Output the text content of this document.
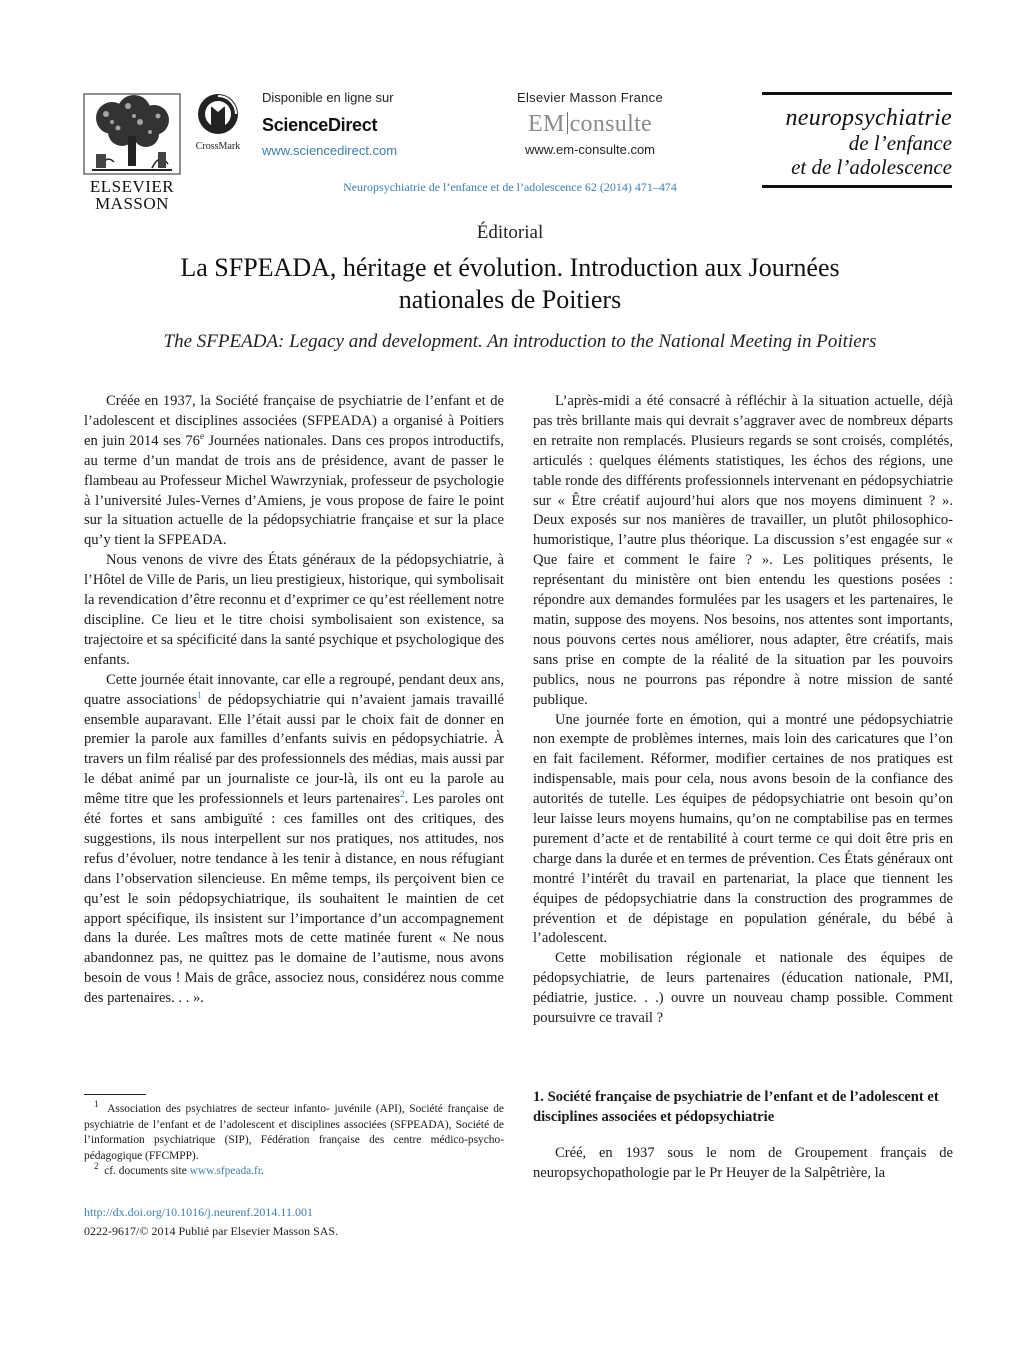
ELSEVIER
MASSON
CrossMark
Disponible en ligne sur
ScienceDirect
www.sciencedirect.com
Elsevier Masson France
EM consulte
www.em-consulte.com
neuropsychiatrie
de l’enfance
et de l’adolescence
Neuropsychiatrie de l’enfance et de l’adolescence 62 (2014) 471–474
Éditorial
La SFPEADA, héritage et évolution. Introduction aux Journées
nationales de Poitiers
The SFPEADA: Legacy and development. An introduction to the National Meeting in Poitiers

Créée en 1937, la Société française de psychiatrie de l’enfant et de l’adolescent et disciplines associées (SFPEADA) a organisé à Poitiers en juin 2014 ses 76e Journées nationales. Dans ces propos introductifs, au terme d’un mandat de trois ans de présidence, avant de passer le flambeau au Professeur Michel Wawrzyniak, professeur de psychologie à l’université Jules-Vernes d’Amiens, je vous propose de faire le point sur la situation actuelle de la pédopsychiatrie française et sur la place qu’y tient la SFPEADA.

Nous venons de vivre des États généraux de la pédopsychiatrie, à l’Hôtel de Ville de Paris, un lieu prestigieux, historique, qui symbolisait la revendication d’être reconnu et d’exprimer ce qu’est réellement notre discipline. Ce lieu et le titre choisi symbolisaient son existence, sa trajectoire et sa spécificité dans la santé psychique et psychologique des enfants.

Cette journée était innovante, car elle a regroupé, pendant deux ans, quatre associations$^1$ de pédopsychiatrie qui n’avaient jamais travaillé ensemble auparavant. Elle l’était aussi par le choix fait de donner en premier la parole aux familles d’enfants suivis en pédopsychiatrie. À travers un film réalisé par des professionnels des médias, mais aussi par le débat animé par un journaliste ce jour-là, ils ont eu la parole au même titre que les professionnels et leurs partenaires$^2$. Les paroles ont été fortes et sans ambiguïté : ces familles ont des critiques, des suggestions, ils nous interpellent sur nos pratiques, nos attitudes, nos refus d’évoluer, notre tendance à les tenir à distance, en nous réfugiant dans l’observation silencieuse. En même temps, ils perçoivent bien ce qu’est le soin pédopsychiatrique, ils souhaitent le maintien de cet apport spécifique, ils insistent sur l’importance d’un accompagnement dans la durée. Les maîtres mots de cette matinée furent « Ne nous abandonnez pas, ne quittez pas le domaine de l’autisme, nous avons besoin de vous ! Mais de grâce, associez nous, considérez nous comme des partenaires. . . ».

$^1$ Association des psychiatres de secteur infanto- juvénile (API), Société française de psychiatrie de l’enfant et de l’adolescent et disciplines associées (SFPEADA), Société de l’information psychiatrique (SIP), Fédération française des centre médico-psycho-pédagogique (FFCMPP).

$^2$ cf. documents site www.sfpeada.fr.

http://dx.doi.org/10.1016/j.neurenf.2014.11.001
0222-9617/© 2014 Publié par Elsevier Masson SAS.

L’après-midi a été consacré à réfléchir à la situation actuelle, déjà pas très brillante mais qui devrait s’aggraver avec de nombreux départs en retraite non remplacés. Plusieurs regards se sont croisés, complétés, articulés : quelques éléments statistiques, les échos des régions, une table ronde des différents professionnels intervenant en pédopsychiatrie sur « Être créatif aujourd’hui alors que nos moyens diminuent ? ». Deux exposés sur nos manières de travailler, un plutôt philosophico-humoristique, l’autre plus théorique. La discussion s’est engagée sur « Que faire et comment le faire ? ». Les politiques présents, le représentant du ministère ont bien entendu les questions posées : répondre aux demandes formulées par les usagers et les partenaires, le matin, suppose des moyens. Nos besoins, nos attentes sont importants, nous pouvons certes nous améliorer, nous adapter, être créatifs, mais sans prise en compte de la réalité de la situation par les pouvoirs publics, nous ne pourrons pas répondre à notre mission de santé publique.

Une journée forte en émotion, qui a montré une pédopsychiatrie non exempte de problèmes internes, mais loin des caricatures que l’on en fait facilement. Réformer, modifier certaines de nos pratiques est indispensable, mais pour cela, nous avons besoin de la confiance des autorités de tutelle. Les équipes de pédopsychiatrie ont besoin qu’on leur laisse leurs moyens humains, qu’on ne comptabilise pas en termes purement d’acte et de rentabilité à court terme ce qui doit être pris en charge dans la durée et en termes de prévention. Ces États généraux ont montré l’intérêt du travail en partenariat, la place que tiennent les équipes de pédopsychiatrie dans la construction des programmes de prévention et de dépistage en population générale, du bébé à l’adolescent.

Cette mobilisation régionale et nationale des équipes de pédopsychiatrie, de leurs partenaires (éducation nationale, PMI, pédiatrie, justice. . .) ouvre un nouveau champ possible. Comment poursuivre ce travail ?

1. Société française de psychiatrie de l’enfant et de l’adolescent et disciplines associées et pédopsychiatrie

Créé, en 1937 sous le nom de Groupement français de neuropsychopathologie par le Pr Heuyer de la Salpêtrière, la
